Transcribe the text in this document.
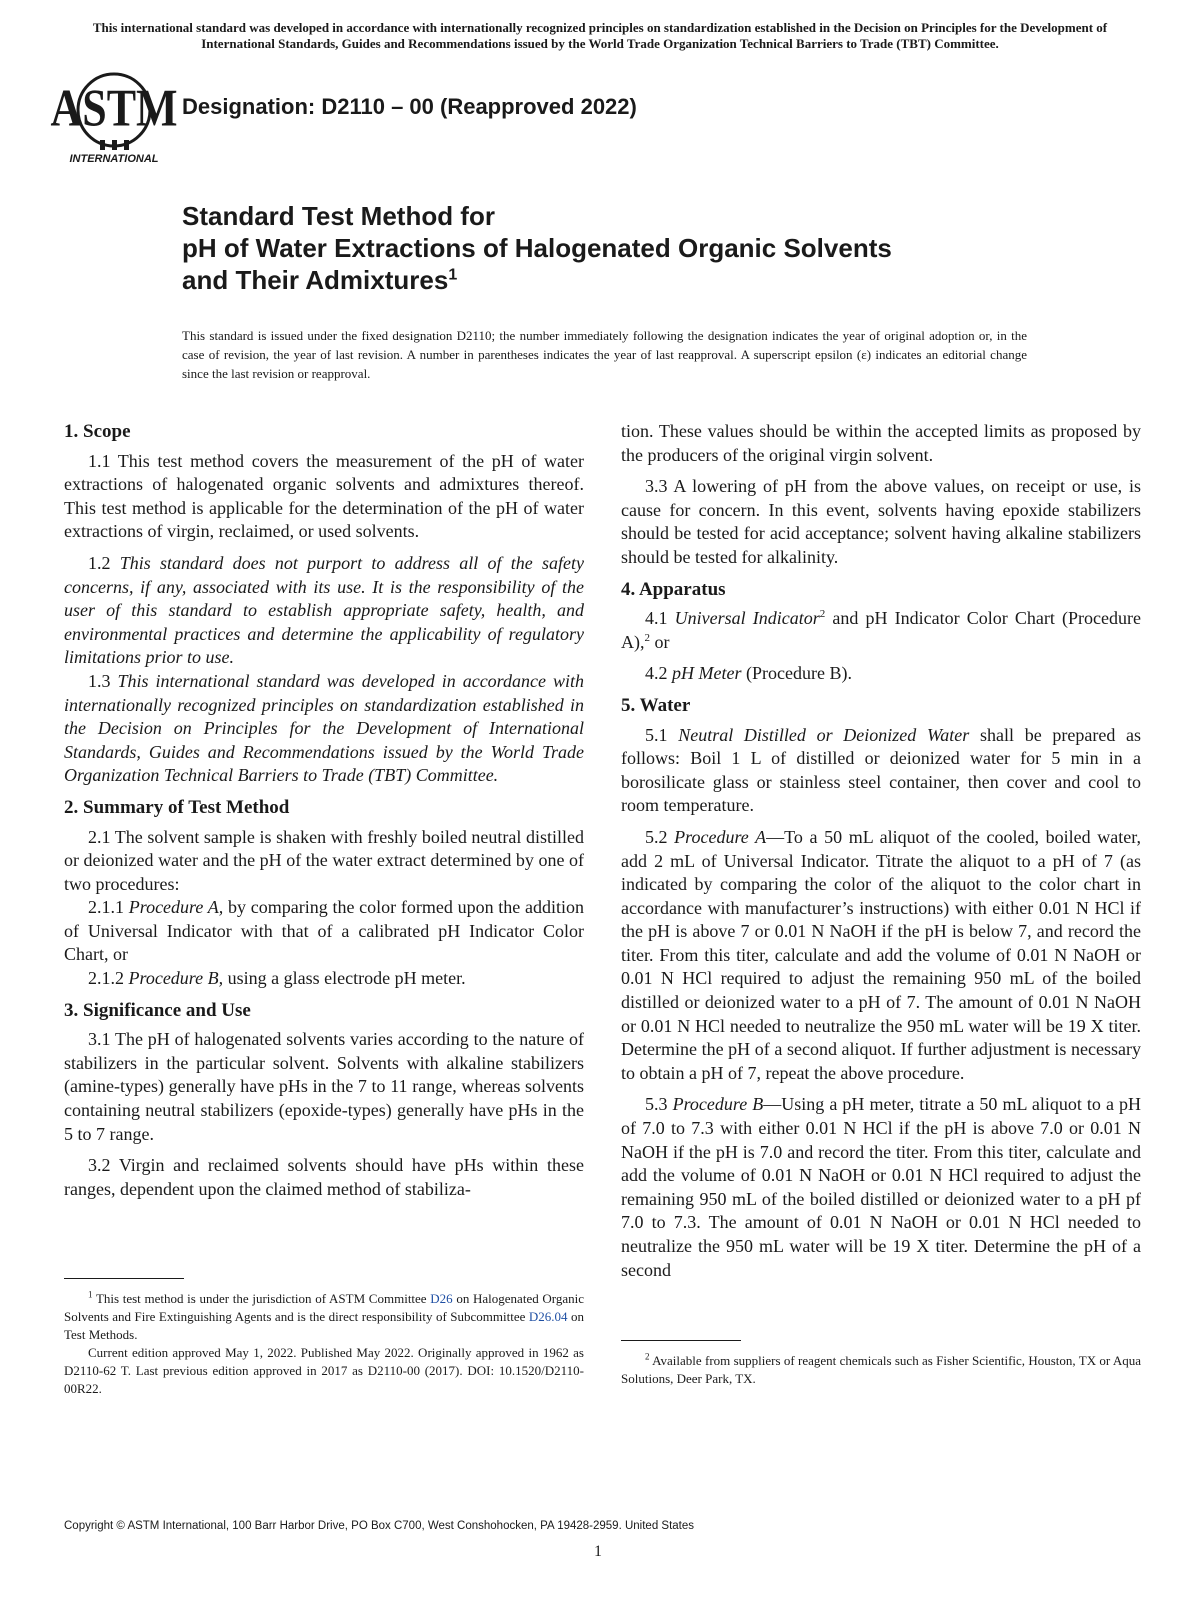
This international standard was developed in accordance with internationally recognized principles on standardization established in the Decision on Principles for the Development of International Standards, Guides and Recommendations issued by the World Trade Organization Technical Barriers to Trade (TBT) Committee.
ASTM
INTERNATIONAL
Designation: D2110 – 00 (Reapproved 2022)
Standard Test Method for
pH of Water Extractions of Halogenated Organic Solvents
and Their Admixtures$^1$
This standard is issued under the fixed designation D2110; the number immediately following the designation indicates the year of original adoption or, in the case of revision, the year of last revision. A number in parentheses indicates the year of last reapproval. A superscript epsilon (ε) indicates an editorial change since the last revision or reapproval.
1. Scope

1.1 This test method covers the measurement of the pH of water extractions of halogenated organic solvents and admixtures thereof. This test method is applicable for the determination of the pH of water extractions of virgin, reclaimed, or used solvents.

1.2 This standard does not purport to address all of the safety concerns, if any, associated with its use. It is the responsibility of the user of this standard to establish appropriate safety, health, and environmental practices and determine the applicability of regulatory limitations prior to use.

1.3 This international standard was developed in accordance with internationally recognized principles on standardization established in the Decision on Principles for the Development of International Standards, Guides and Recommendations issued by the World Trade Organization Technical Barriers to Trade (TBT) Committee.

2. Summary of Test Method

2.1 The solvent sample is shaken with freshly boiled neutral distilled or deionized water and the pH of the water extract determined by one of two procedures:

2.1.1 Procedure A, by comparing the color formed upon the addition of Universal Indicator with that of a calibrated pH Indicator Color Chart, or

2.1.2 Procedure B, using a glass electrode pH meter.

3. Significance and Use

3.1 The pH of halogenated solvents varies according to the nature of stabilizers in the particular solvent. Solvents with alkaline stabilizers (amine-types) generally have pHs in the 7 to 11 range, whereas solvents containing neutral stabilizers (epoxide-types) generally have pHs in the 5 to 7 range.

3.2 Virgin and reclaimed solvents should have pHs within these ranges, dependent upon the claimed method of stabiliza-

tion. These values should be within the accepted limits as proposed by the producers of the original virgin solvent.

3.3 A lowering of pH from the above values, on receipt or use, is cause for concern. In this event, solvents having epoxide stabilizers should be tested for acid acceptance; solvent having alkaline stabilizers should be tested for alkalinity.

4. Apparatus

4.1 Universal Indicator$^2$ and pH Indicator Color Chart (Procedure A),$^2$ or

4.2 pH Meter (Procedure B).

5. Water

5.1 Neutral Distilled or Deionized Water shall be prepared as follows: Boil 1 L of distilled or deionized water for 5 min in a borosilicate glass or stainless steel container, then cover and cool to room temperature.

5.2 Procedure A—To a 50 mL aliquot of the cooled, boiled water, add 2 mL of Universal Indicator. Titrate the aliquot to a pH of 7 (as indicated by comparing the color of the aliquot to the color chart in accordance with manufacturer’s instructions) with either 0.01 N HCl if the pH is above 7 or 0.01 N NaOH if the pH is below 7, and record the titer. From this titer, calculate and add the volume of 0.01 N NaOH or 0.01 N HCl required to adjust the remaining 950 mL of the boiled distilled or deionized water to a pH of 7. The amount of 0.01 N NaOH or 0.01 N HCl needed to neutralize the 950 mL water will be 19 X titer. Determine the pH of a second aliquot. If further adjustment is necessary to obtain a pH of 7, repeat the above procedure.

5.3 Procedure B—Using a pH meter, titrate a 50 mL aliquot to a pH of 7.0 to 7.3 with either 0.01 N HCl if the pH is above 7.0 or 0.01 N NaOH if the pH is 7.0 and record the titer. From this titer, calculate and add the volume of 0.01 N NaOH or 0.01 N HCl required to adjust the remaining 950 mL of the boiled distilled or deionized water to a pH pf 7.0 to 7.3. The amount of 0.01 N NaOH or 0.01 N HCl needed to neutralize the 950 mL water will be 19 X titer. Determine the pH of a second

$^1$ This test method is under the jurisdiction of ASTM Committee D26 on Halogenated Organic Solvents and Fire Extinguishing Agents and is the direct responsibility of Subcommittee D26.04 on Test Methods.

Current edition approved May 1, 2022. Published May 2022. Originally approved in 1962 as D2110-62 T. Last previous edition approved in 2017 as D2110-00 (2017). DOI: 10.1520/D2110-00R22.

$^2$ Available from suppliers of reagent chemicals such as Fisher Scientific, Houston, TX or Aqua Solutions, Deer Park, TX.

Copyright © ASTM International, 100 Barr Harbor Drive, PO Box C700, West Conshohocken, PA 19428-2959. United States
1
